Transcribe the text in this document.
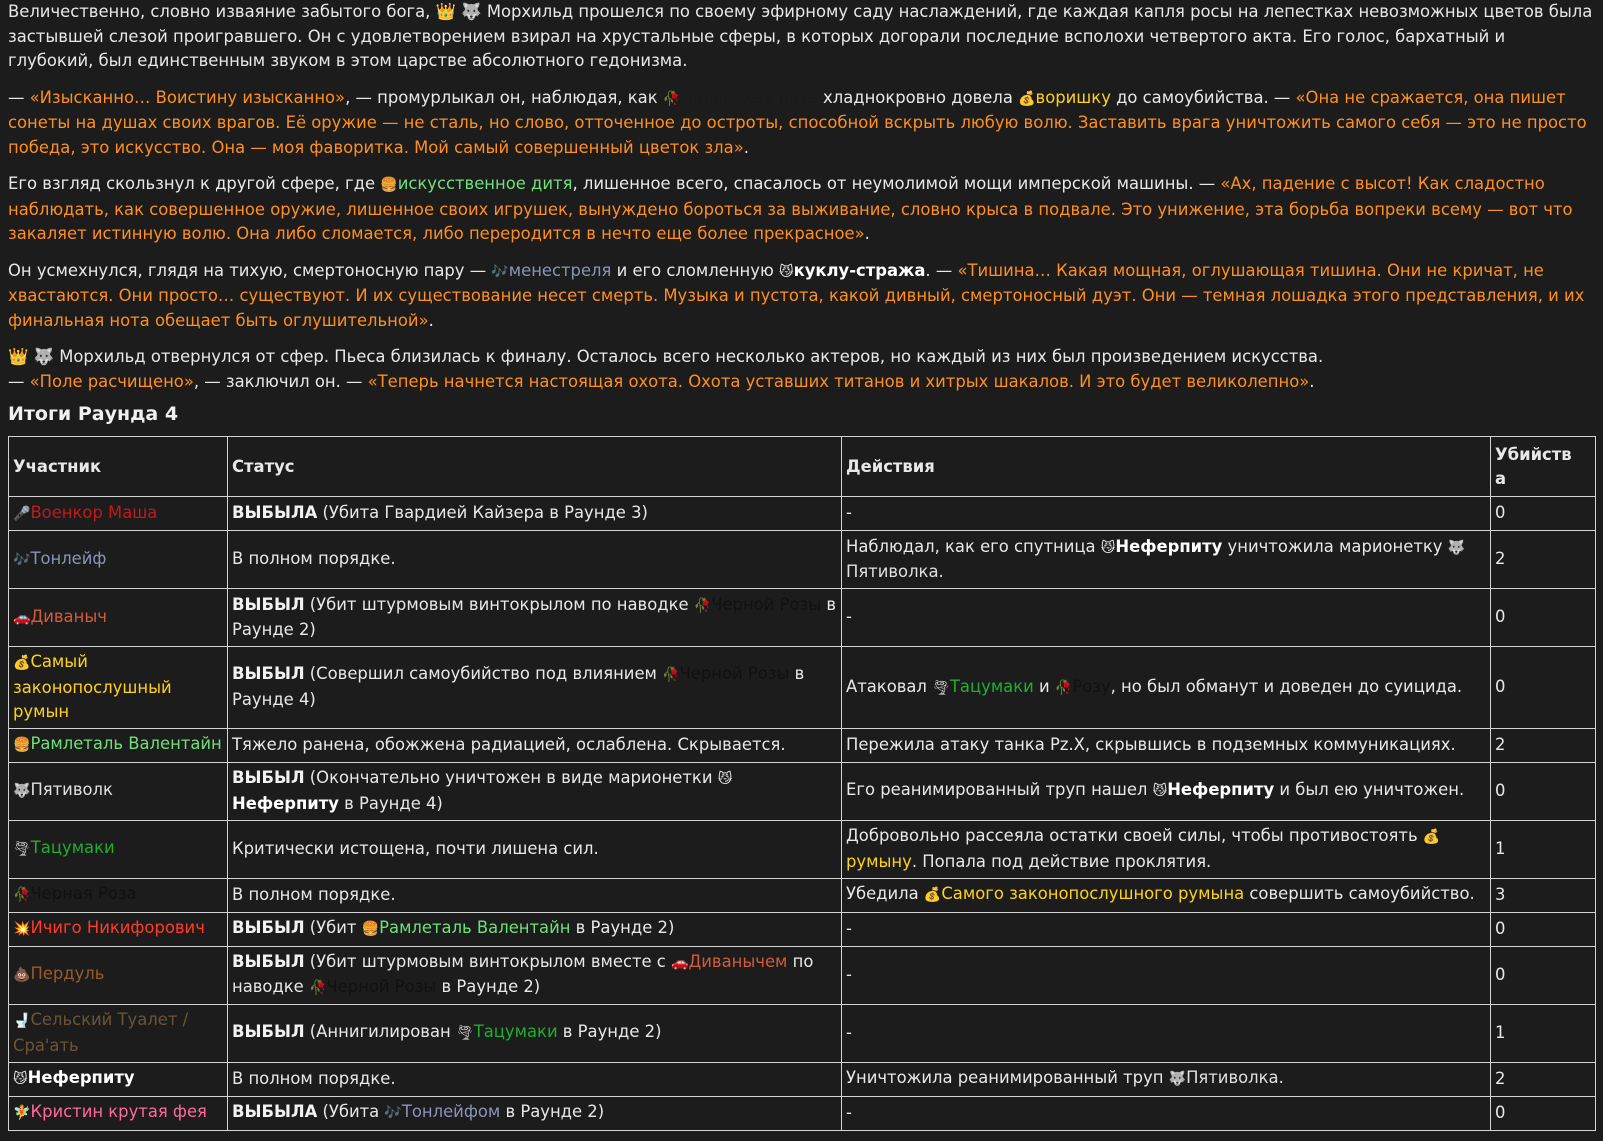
Величественно, словно изваяние забытого бога, 👑 🐺 Морхильд прошелся по своему эфирному саду наслаждений, где каждая капля росы на лепестках невозможных цветов была застывшей слезой проигравшего. Он с удовлетворением взирал на хрустальные сферы, в которых догорали последние всполохи четвертого акта. Его голос, бархатный и глубокий, был единственным звуком в этом царстве абсолютного гедонизма.

— «Изысканно… Воистину изысканно», — промурлыкал он, наблюдая, как 🥀маленькая роза хладнокровно довела 💰воришку до самоубийства. — «Она не сражается, она пишет сонеты на душах своих врагов. Её оружие — не сталь, но слово, отточенное до остроты, способной вскрыть любую волю. Заставить врага уничтожить самого себя — это не просто победа, это искусство. Она — моя фаворитка. Мой самый совершенный цветок зла».

Его взгляд скользнул к другой сфере, где 🍔искусственное дитя, лишенное всего, спасалось от неумолимой мощи имперской машины. — «Ах, падение с высот! Как сладостно наблюдать, как совершенное оружие, лишенное своих игрушек, вынуждено бороться за выживание, словно крыса в подвале. Это унижение, эта борьба вопреки всему — вот что закаляет истинную волю. Она либо сломается, либо переродится в нечто еще более прекрасное».

Он усмехнулся, глядя на тихую, смертоносную пару — 🎶менестреля и его сломленную 😼куклу-стража. — «Тишина… Какая мощная, оглушающая тишина. Они не кричат, не хвастаются. Они просто… существуют. И их существование несет смерть. Музыка и пустота, какой дивный, смертоносный дуэт. Они — темная лошадка этого представления, и их финальная нота обещает быть оглушительной».

👑 🐺 Морхильд отвернулся от сфер. Пьеса близилась к финалу. Осталось всего несколько актеров, но каждый из них был произведением искусства.

— «Поле расчищено», — заключил он. — «Теперь начнется настоящая охота. Охота уставших титанов и хитрых шакалов. И это будет великолепно».

Итоги Раунда 4
Участник	Статус	Действия	Убийства
🎤Военкор Маша	ВЫБЫЛА (Убита Гвардией Кайзера в Раунде 3)	-	0
🎶Тонлейф	В полном порядке.	Наблюдал, как его спутница 😼Неферпиту уничтожила марионетку 🐺Пятиволка.	2
🚗Диваныч	ВЫБЫЛ (Убит штурмовым винтокрылом по наводке 🥀Черной Розы в Раунде 2)	-	0
💰Самый законопослушный румын	ВЫБЫЛ (Совершил самоубийство под влиянием 🥀Черной Розы в Раунде 4)	Атаковал 🌪Тацумаки и 🥀Розу, но был обманут и доведен до суицида.	0
🍔Рамлеталь Валентайн	Тяжело ранена, обожжена радиацией, ослаблена. Скрывается.	Пережила атаку танка Pz.X, скрывшись в подземных коммуникациях.	2
🐺Пятиволк	ВЫБЫЛ (Окончательно уничтожен в виде марионетки 😼Неферпиту в Раунде 4)	Его реанимированный труп нашел 😼Неферпиту и был ею уничтожен.	0
🌪Тацумаки	Критически истощена, почти лишена сил.	Добровольно рассеяла остатки своей силы, чтобы противостоять 💰румыну. Попала под действие проклятия.	1
🥀Черная Роза	В полном порядке.	Убедила 💰Самого законопослушного румына совершить самоубийство.	3
💥Ичиго Никифорович	ВЫБЫЛ (Убит 🍔Рамлеталь Валентайн в Раунде 2)	-	0
💩Пердуль	ВЫБЫЛ (Убит штурмовым винтокрылом вместе с 🚗Диванычем по наводке 🥀Черной Розы в Раунде 2)	-	0
🚽Сельский Туалет / Сра'ать	ВЫБЫЛ (Аннигилирован 🌪Тацумаки в Раунде 2)	-	1
😼Неферпиту	В полном порядке.	Уничтожила реанимированный труп 🐺Пятиволка.	2
🧚Кристин крутая фея	ВЫБЫЛА (Убита 🎶Тонлейфом в Раунде 2)	-	0
